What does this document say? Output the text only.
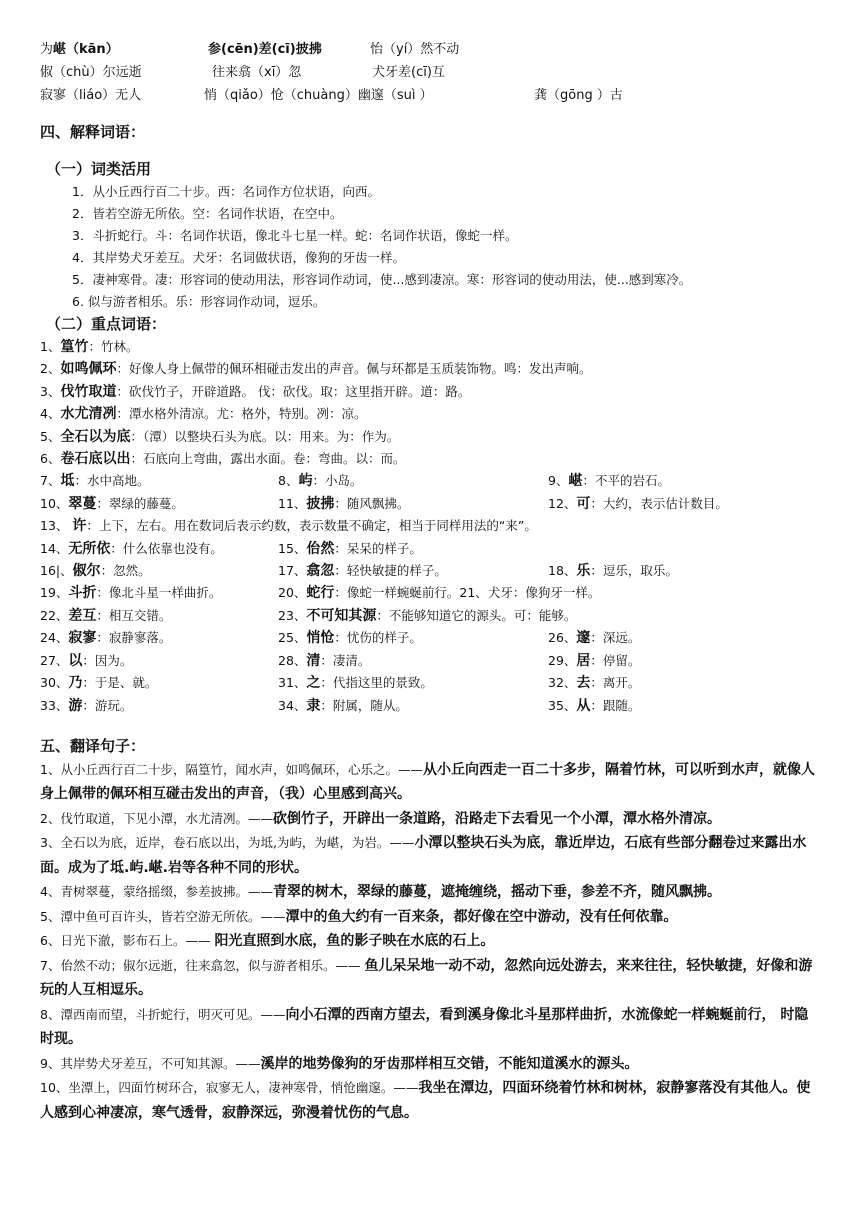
为嵁（kān）	参(cēn)差(cī)披拂	怡（yí）然不动
俶（chù）尔远逝	往来翕（xī）忽	犬牙差(cī)互
寂寥（liáo）无人	悄（qiǎo）怆（chuàng）幽邃（suì ）	龚（gōng ）古
四、解释词语：
（一）词类活用
1．从小丘西行百二十步。西：名词作方位状语，向西。
2．皆若空游无所依。空：名词作状语，在空中。
3．斗折蛇行。斗：名词作状语，像北斗七星一样。蛇：名词作状语，像蛇一样。
4．其岸势犬牙差互。犬牙：名词做状语，像狗的牙齿一样。
5．凄神寒骨。凄：形容词的使动用法，形容词作动词，使...感到凄凉。寒：形容词的使动用法，使...感到寒冷。
6. 似与游者相乐。乐：形容词作动词，逗乐。
（二）重点词语：
1、篁竹：竹林。
2、如鸣佩环：好像人身上佩带的佩环相碰击发出的声音。佩与环都是玉质装饰物。鸣：发出声响。
3、伐竹取道：砍伐竹子，开辟道路。 伐：砍伐。取：这里指开辟。道：路。
4、水尤清冽：潭水格外清凉。尤：格外，特别。冽：凉。
5、全石以为底：（潭）以整块石头为底。以：用来。为：作为。
6、卷石底以出：石底向上弯曲，露出水面。卷：弯曲。以：而。
7、坻：水中高地。	8、屿：小岛。	9、嵁：不平的岩石。
10、翠蔓：翠绿的藤蔓。	11、披拂：随风飘拂。	12、可：大约，表示估计数目。
13、 许：上下，左右。用在数词后表示约数，表示数量不确定，相当于同样用法的“来”。
14、无所依：什么依靠也没有。	15、佁然：呆呆的样子。
16|、俶尔：忽然。	17、翕忽：轻快敏捷的样子。	18、乐：逗乐，取乐。
19、斗折：像北斗星一样曲折。	20、蛇行：像蛇一样蜿蜒前行。21、犬牙：像狗牙一样。
22、差互：相互交错。	23、不可知其源：不能够知道它的源头。可：能够。
24、寂寥：寂静寥落。	25、悄怆：忧伤的样子。	26、邃：深远。
27、以：因为。	28、清：凄清。	29、居：停留。
30、乃：于是、就。	31、之：代指这里的景致。	32、去：离开。
33、游：游玩。	34、隶：附属，随从。	35、从：跟随。
五、翻译句子：
1、从小丘西行百二十步，隔篁竹，闻水声，如鸣佩环，心乐之。——从小丘向西走一百二十多步，隔着竹林，可以听到水声，就像人身上佩带的佩环相互碰击发出的声音，（我）心里感到高兴。
2、伐竹取道，下见小潭，水尤清冽。——砍倒竹子，开辟出一条道路，沿路走下去看见一个小潭，潭水格外清凉。
3、全石以为底，近岸，卷石底以出，为坻,为屿，为嵁，为岩。——小潭以整块石头为底，靠近岸边，石底有些部分翻卷过来露出水面。成为了坻.屿.嵁.岩等各种不同的形状。
4、青树翠蔓，蒙络摇缀，参差披拂。——青翠的树木，翠绿的藤蔓，遮掩缠绕，摇动下垂，参差不齐，随风飘拂。
5、潭中鱼可百许头，皆若空游无所依。——潭中的鱼大约有一百来条，都好像在空中游动，没有任何依靠。
6、日光下澈，影布石上。—— 阳光直照到水底，鱼的影子映在水底的石上。
7、佁然不动；俶尔远逝，往来翕忽，似与游者相乐。—— 鱼儿呆呆地一动不动，忽然向远处游去，来来往往，轻快敏捷，好像和游玩的人互相逗乐。
8、潭西南而望，斗折蛇行，明灭可见。——向小石潭的西南方望去，看到溪身像北斗星那样曲折，水流像蛇一样蜿蜒前行， 时隐时现。
9、其岸势犬牙差互，不可知其源。——溪岸的地势像狗的牙齿那样相互交错，不能知道溪水的源头。
10、坐潭上，四面竹树环合，寂寥无人，凄神寒骨，悄怆幽邃。——我坐在潭边，四面环绕着竹林和树林，寂静寥落没有其他人。使人感到心神凄凉，寒气透骨，寂静深远，弥漫着忧伤的气息。
